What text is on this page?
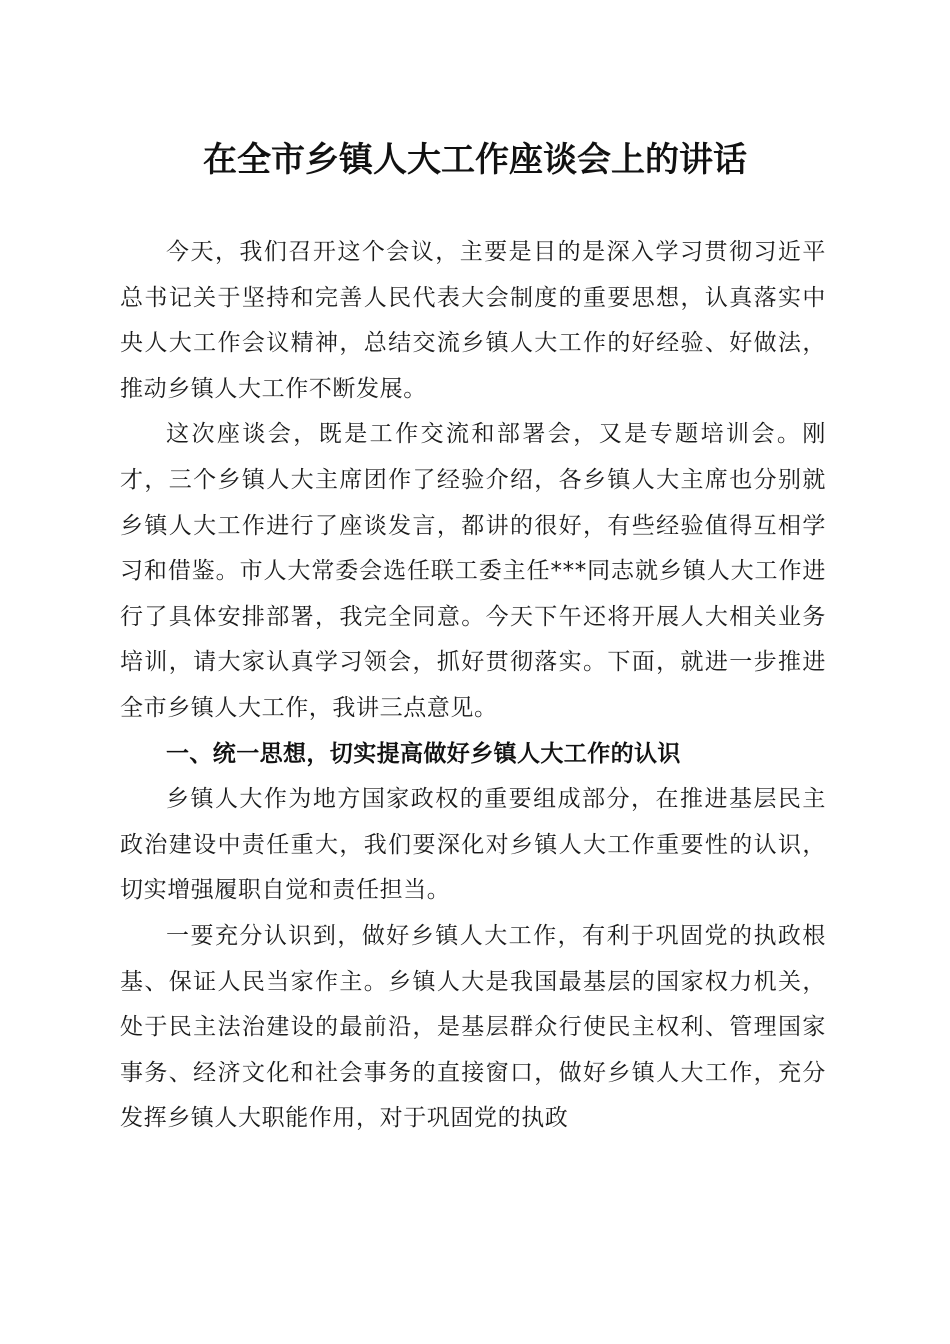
在全市乡镇人大工作座谈会上的讲话

今天，我们召开这个会议，主要是目的是深入学习贯彻习近平总书记关于坚持和完善人民代表大会制度的重要思想，认真落实中央人大工作会议精神，总结交流乡镇人大工作的好经验、好做法，推动乡镇人大工作不断发展。

这次座谈会，既是工作交流和部署会，又是专题培训会。刚才，三个乡镇人大主席团作了经验介绍，各乡镇人大主席也分别就乡镇人大工作进行了座谈发言，都讲的很好，有些经验值得互相学习和借鉴。市人大常委会选任联工委主任***同志就乡镇人大工作进行了具体安排部署，我完全同意。今天下午还将开展人大相关业务培训，请大家认真学习领会，抓好贯彻落实。下面，就进一步推进全市乡镇人大工作，我讲三点意见。

一、统一思想，切实提高做好乡镇人大工作的认识

乡镇人大作为地方国家政权的重要组成部分，在推进基层民主政治建设中责任重大，我们要深化对乡镇人大工作重要性的认识，切实增强履职自觉和责任担当。

一要充分认识到，做好乡镇人大工作，有利于巩固党的执政根基、保证人民当家作主。乡镇人大是我国最基层的国家权力机关，处于民主法治建设的最前沿，是基层群众行使民主权利、管理国家事务、经济文化和社会事务的直接窗口，做好乡镇人大工作，充分发挥乡镇人大职能作用，对于巩固党的执政
